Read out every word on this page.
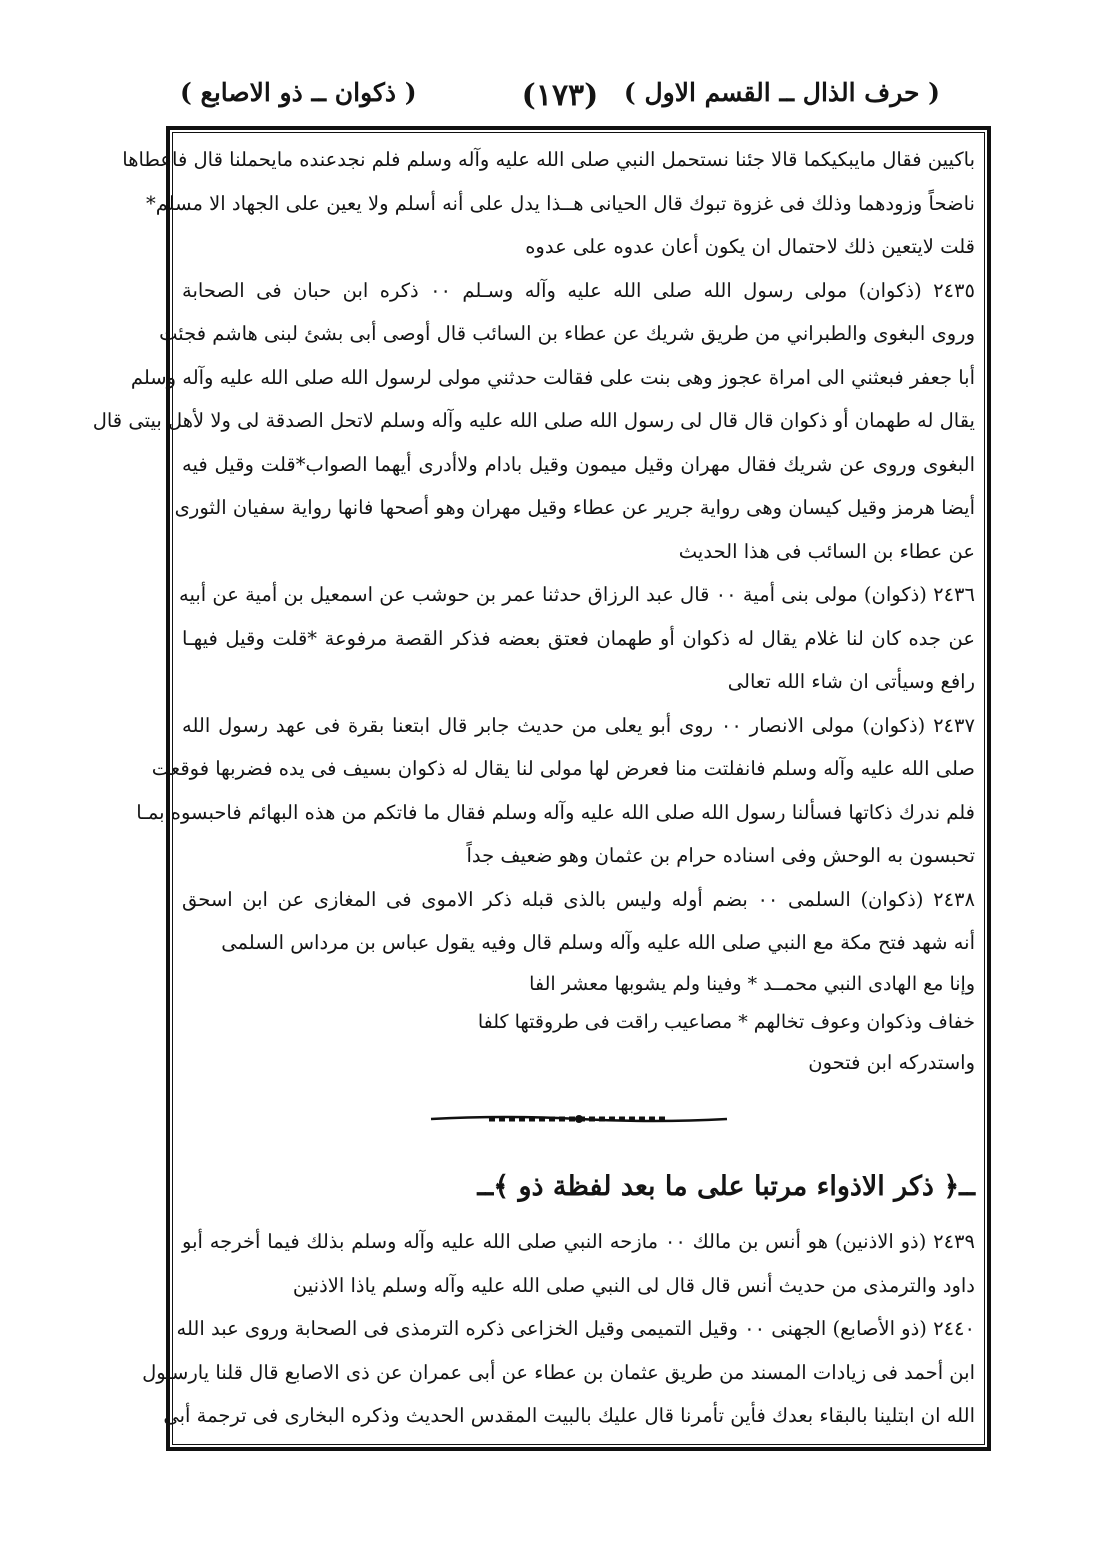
( حرف الذال ــ القسم الاول )
(١٧٣)
( ذكوان ــ ذو الاصابع )
باكيين فقال مايبكيكما قالا جئنا نستحمل النبي صلى الله عليه وآله وسلم فلم نجدعنده مايحملنا قال فاعطاها
ناضحاً وزودهما وذلك فى غزوة تبوك قال الحيانى هــذا يدل على أنه أسلم ولا يعين على الجهاد الا مسلم*
قلت لايتعين ذلك لاحتمال ان يكون أعان عدوه على عدوه
٢٤٣٥ (ذكوان) مولى رسول الله صلى الله عليه وآله وسـلم ٠٠ ذكره ابن حبان فى الصحابة
وروى البغوى والطبراني من طريق شريك عن عطاء بن السائب قال أوصى أبى بشئ لبنى هاشم فجئت
أبا جعفر فبعثني الى امراة عجوز وهى بنت على فقالت حدثني مولى لرسول الله صلى الله عليه وآله وسلم
يقال له طهمان أو ذكوان قال قال لى رسول الله صلى الله عليه وآله وسلم لاتحل الصدقة لى ولا لأهل بيتى قال
البغوى وروى عن شريك فقال مهران وقيل ميمون وقيل بادام ولاأدرى أيهما الصواب*قلت وقيل فيه
أيضا هرمز وقيل كيسان وهى رواية جرير عن عطاء وقيل مهران وهو أصحها فانها رواية سفيان الثورى
عن عطاء بن السائب فى هذا الحديث
٢٤٣٦ (ذكوان) مولى بنى أمية ٠٠ قال عبد الرزاق حدثنا عمر بن حوشب عن اسمعيل بن أمية عن أبيه
عن جده كان لنا غلام يقال له ذكوان أو طهمان فعتق بعضه فذكر القصة مرفوعة *قلت وقيل فيهـا
رافع وسيأتى ان شاء الله تعالى
٢٤٣٧ (ذكوان) مولى الانصار ٠٠ روى أبو يعلى من حديث جابر قال ابتعنا بقرة فى عهد رسول الله
صلى الله عليه وآله وسلم فانفلتت منا فعرض لها مولى لنا يقال له ذكوان بسيف فى يده فضربها فوقعت
فلم ندرك ذكاتها فسألنا رسول الله صلى الله عليه وآله وسلم فقال ما فاتكم من هذه البهائم فاحبسوه بمـا
تحبسون به الوحش وفى اسناده حرام بن عثمان وهو ضعيف جداً
٢٤٣٨ (ذكوان) السلمى ٠٠ بضم أوله وليس بالذى قبله ذكر الاموى فى المغازى عن ابن اسحق
أنه شهد فتح مكة مع النبي صلى الله عليه وآله وسلم قال وفيه يقول عباس بن مرداس السلمى
وإنا مع الهادى النبي محمــد * وفينا ولم يشوبها معشر الفا
خفاف وذكوان وعوف تخالهم * مصاعيب راقت فى طروقتها كلفا
واستدركه ابن فتحون
ــ﴿ ذكر الاذواء مرتبا على ما بعد لفظة ذو ﴾ــ
٢٤٣٩ (ذو الاذنين) هو أنس بن مالك ٠٠ مازحه النبي صلى الله عليه وآله وسلم بذلك فيما أخرجه أبو
داود والترمذى من حديث أنس قال قال لى النبي صلى الله عليه وآله وسلم ياذا الاذنين
٢٤٤٠ (ذو الأصابع) الجهنى ٠٠ وقيل التميمى وقيل الخزاعى ذكره الترمذى فى الصحابة وروى عبد الله
ابن أحمد فى زيادات المسند من طريق عثمان بن عطاء عن أبى عمران عن ذى الاصابع قال قلنا يارسـول
الله ان ابتلينا بالبقاء بعدك فأين تأمرنا قال عليك بالبيت المقدس الحديث وذكره البخارى فى ترجمة أبى
